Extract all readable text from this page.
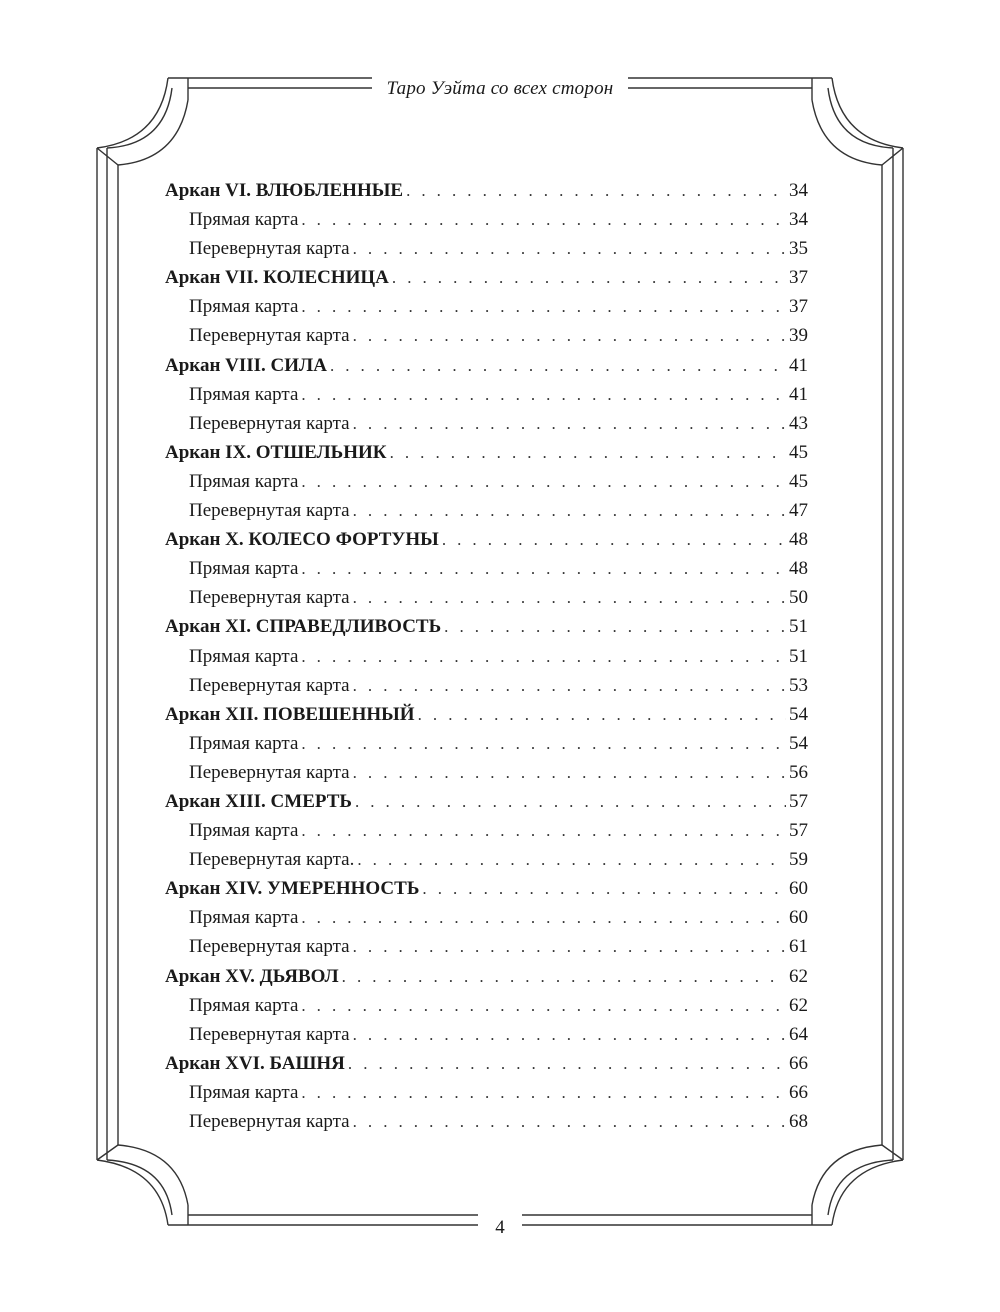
Таро Уэйта со всех сторон
Аркан VI. ВЛЮБЛЕННЫЕ . . .	34
Прямая карта . . .	34
Перевернутая карта . . .	35
Аркан VII. КОЛЕСНИЦА . . .	37
Прямая карта . . .	37
Перевернутая карта . . .	39
Аркан VIII. СИЛА . . .	41
Прямая карта . . .	41
Перевернутая карта . . .	43
Аркан IX. ОТШЕЛЬНИК . . .	45
Прямая карта . . .	45
Перевернутая карта . . .	47
Аркан X. КОЛЕСО ФОРТУНЫ . . .	48
Прямая карта . . .	48
Перевернутая карта . . .	50
Аркан XI. СПРАВЕДЛИВОСТЬ . . .	51
Прямая карта . . .	51
Перевернутая карта . . .	53
Аркан XII. ПОВЕШЕННЫЙ . . .	54
Прямая карта . . .	54
Перевернутая карта . . .	56
Аркан XIII. СМЕРТЬ . . .	57
Прямая карта . . .	57
Перевернутая карта. . . .	59
Аркан XIV. УМЕРЕННОСТЬ . . .	60
Прямая карта . . .	60
Перевернутая карта . . .	61
Аркан XV. ДЬЯВОЛ . . .	62
Прямая карта . . .	62
Перевернутая карта . . .	64
Аркан XVI. БАШНЯ . . .	66
Прямая карта . . .	66
Перевернутая карта . . .	68
4
